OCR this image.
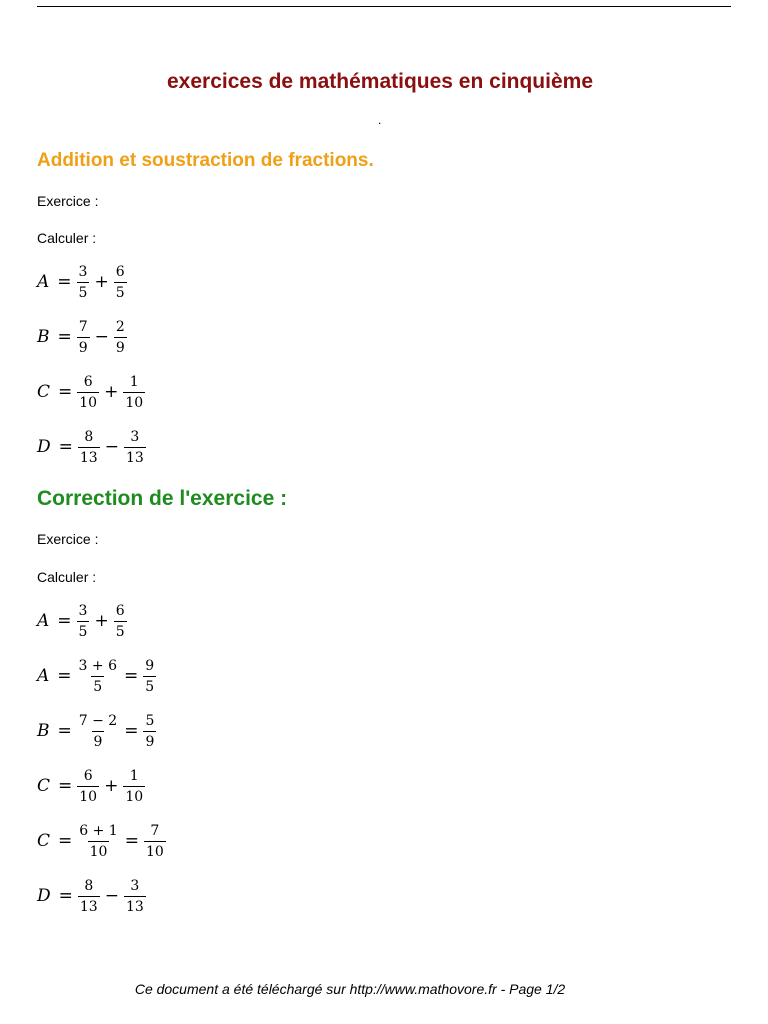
exercices de mathématiques en cinquième
.
Addition et soustraction de fractions.
Exercice :
Calculer :
$A = \frac{3}{5} + \frac{6}{5}$
$B = \frac{7}{9} - \frac{2}{9}$
$C = \frac{6}{10} + \frac{1}{10}$
$D = \frac{8}{13} - \frac{3}{13}$
Correction de l'exercice :
Exercice :
Calculer :
$A = \frac{3}{5} + \frac{6}{5}$
$A = \frac{3 + 6}{5} = \frac{9}{5}$
$B = \frac{7 - 2}{9} = \frac{5}{9}$
$C = \frac{6}{10} + \frac{1}{10}$
$C = \frac{6 + 1}{10} = \frac{7}{10}$
$D = \frac{8}{13} - \frac{3}{13}$
Ce document a été téléchargé sur http://www.mathovore.fr - Page 1/2
